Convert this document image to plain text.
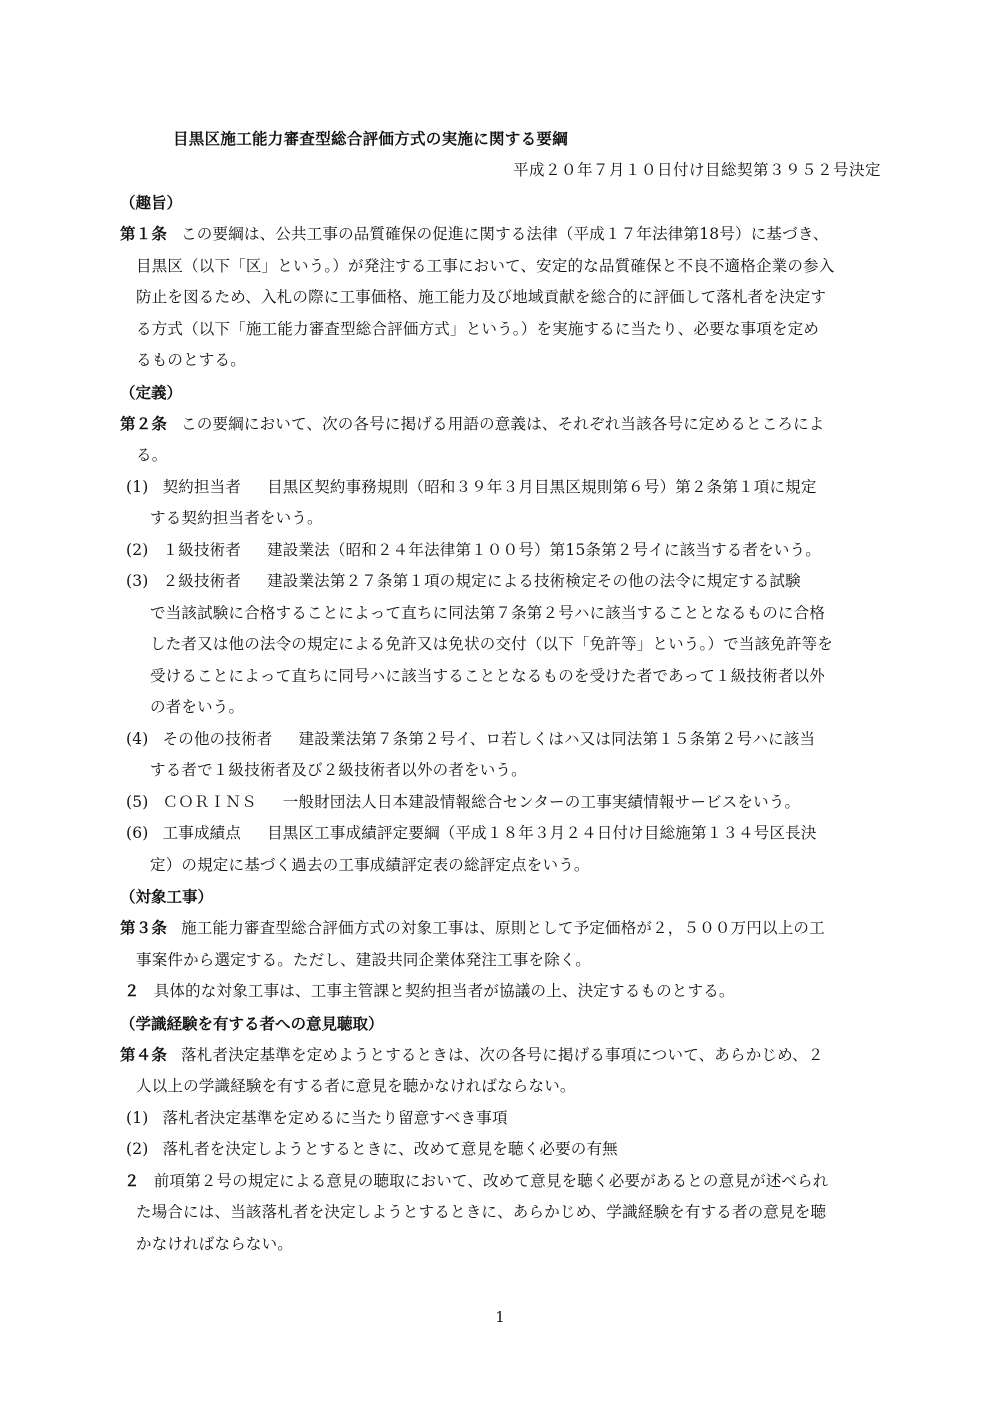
目黒区施工能力審査型総合評価方式の実施に関する要綱
平成２０年７月１０日付け目総契第３９５２号決定
（趣旨）
第１条 この要綱は、公共工事の品質確保の促進に関する法律（平成１７年法律第18号）に基づき、
目黒区（以下「区」という。）が発注する工事において、安定的な品質確保と不良不適格企業の参入
防止を図るため、入札の際に工事価格、施工能力及び地域貢献を総合的に評価して落札者を決定す
る方式（以下「施工能力審査型総合評価方式」という。）を実施するに当たり、必要な事項を定め
るものとする。
（定義）
第２条 この要綱において、次の各号に掲げる用語の意義は、それぞれ当該各号に定めるところによ
る。
(1) 契約担当者 目黒区契約事務規則（昭和３９年３月目黒区規則第６号）第２条第１項に規定
する契約担当者をいう。
(2) １級技術者 建設業法（昭和２４年法律第１００号）第15条第２号イに該当する者をいう。
(3) ２級技術者 建設業法第２７条第１項の規定による技術検定その他の法令に規定する試験
で当該試験に合格することによって直ちに同法第７条第２号ハに該当することとなるものに合格
した者又は他の法令の規定による免許又は免状の交付（以下「免許等」という。）で当該免許等を
受けることによって直ちに同号ハに該当することとなるものを受けた者であって１級技術者以外
の者をいう。
(4) その他の技術者 建設業法第７条第２号イ、ロ若しくはハ又は同法第１５条第２号ハに該当
する者で１級技術者及び２級技術者以外の者をいう。
(5) ＣＯＲＩＮＳ 一般財団法人日本建設情報総合センターの工事実績情報サービスをいう。
(6) 工事成績点 目黒区工事成績評定要綱（平成１８年３月２４日付け目総施第１３４号区長決
定）の規定に基づく過去の工事成績評定表の総評定点をいう。
（対象工事）
第３条 施工能力審査型総合評価方式の対象工事は、原則として予定価格が２，５００万円以上の工
事案件から選定する。ただし、建設共同企業体発注工事を除く。
２ 具体的な対象工事は、工事主管課と契約担当者が協議の上、決定するものとする。
（学識経験を有する者への意見聴取）
第４条 落札者決定基準を定めようとするときは、次の各号に掲げる事項について、あらかじめ、２
人以上の学識経験を有する者に意見を聴かなければならない。
(1) 落札者決定基準を定めるに当たり留意すべき事項
(2) 落札者を決定しようとするときに、改めて意見を聴く必要の有無
２ 前項第２号の規定による意見の聴取において、改めて意見を聴く必要があるとの意見が述べられ
た場合には、当該落札者を決定しようとするときに、あらかじめ、学識経験を有する者の意見を聴
かなければならない。
1
